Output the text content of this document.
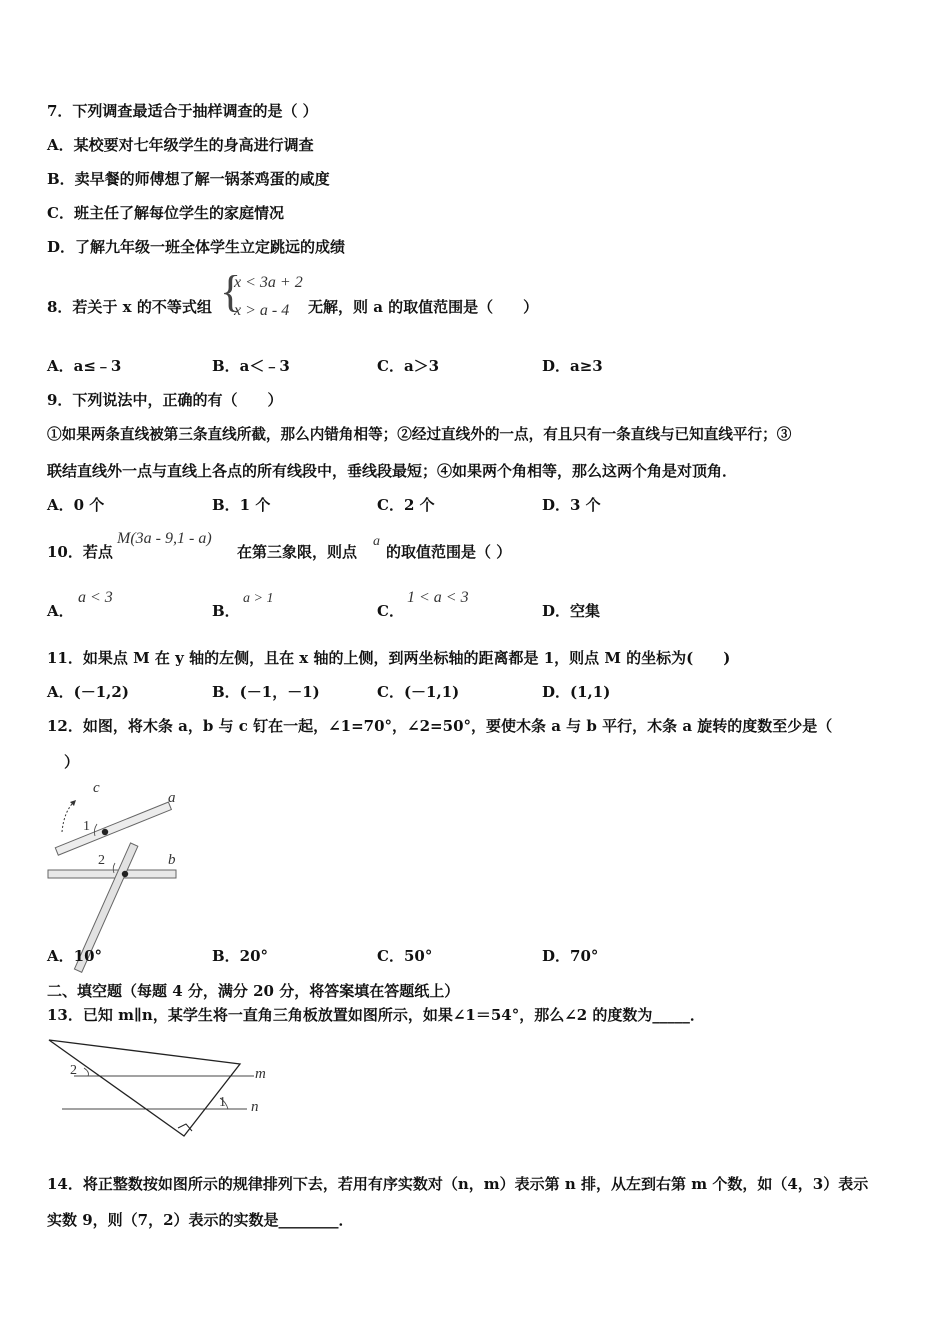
7．下列调查最适合于抽样调查的是（ ）
A．某校要对七年级学生的身高进行调查
B．卖早餐的师傅想了解一锅茶鸡蛋的咸度
C．班主任了解每位学生的家庭情况
D．了解九年级一班全体学生立定跳远的成绩
8．若关于 x 的不等式组 {
x < 3a + 2
x > a - 4 无解，则 a 的取值范围是（　　）
A．a≤﹣3	B．a＜﹣3	C．a＞3	D．a≥3
9．下列说法中，正确的有（　　）
①如果两条直线被第三条直线所截，那么内错角相等；②经过直线外的一点，有且只有一条直线与已知直线平行；③
联结直线外一点与直线上各点的所有线段中，垂线段最短；④如果两个角相等，那么这两个角是对顶角．
A．0 个	B．1 个	C．2 个	D．3 个
10．若点
M(3a - 9,1 - a)
在第三象限，则点
a
的取值范围是（ ）
A．
a < 3
B．
a > 1
C．
1 < a < 3
D．空集
11．如果点 M 在 y 轴的左侧，且在 x 轴的上侧，到两坐标轴的距离都是 1，则点 M 的坐标为(　　)
A．(－1,2)	B．(－1，－1)	C．(－1,1)	D．(1,1)
12．如图，将木条 a，b 与 c 钉在一起，∠1=70°，∠2=50°，要使木条 a 与 b 平行，木条 a 旋转的度数至少是（
）
c
a
b
1
2
A．10°	B．20°	C．50°	D．70°
二、填空题（每题 4 分，满分 20 分，将答案填在答题纸上）
13．已知 m∥n，某学生将一直角三角板放置如图所示，如果∠1＝54°，那么∠2 的度数为_____．
2
1
m
n
14．将正整数按如图所示的规律排列下去，若用有序实数对（n，m）表示第 n 排，从左到右第 m 个数，如（4，3）表示
实数 9，则（7，2）表示的实数是________．
